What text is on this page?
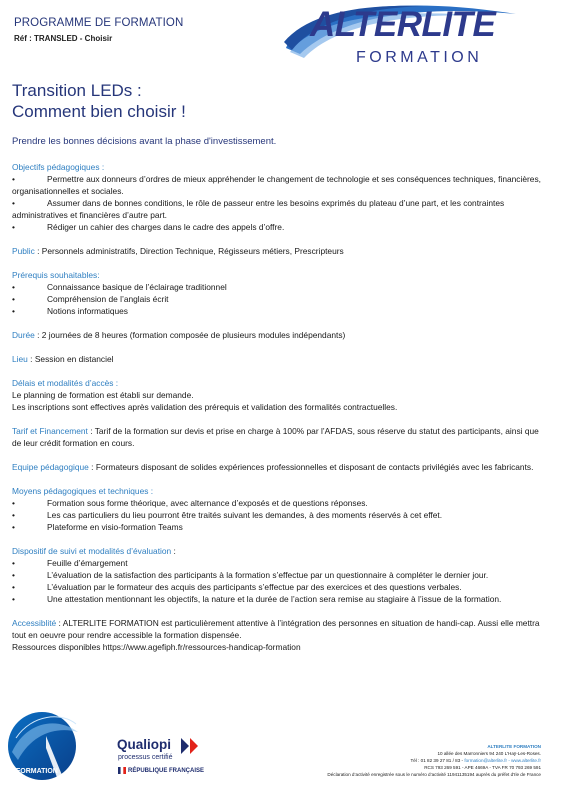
PROGRAMME DE FORMATION
Réf : TRANSLED - Choisir	ALTERLITE
FORMATION
Transition LEDs :
Comment bien choisir !
Prendre les bonnes décisions avant la phase d'investissement.
Objectifs pédagogiques :
•	Permettre aux donneurs d’ordres de mieux appréhender le changement de technologie et ses conséquences techniques, financières, organisationnelles et sociales.
•	Assumer dans de bonnes conditions, le rôle de passeur entre les besoins exprimés du plateau d’une part, et les contraintes administratives et financières d’autre part.
•	Rédiger un cahier des charges dans le cadre des appels d’offre.
Public : Personnels administratifs, Direction Technique, Régisseurs métiers, Prescripteurs
Prérequis souhaitables:
•	Connaissance basique de l’éclairage traditionnel
•	Compréhension de l’anglais écrit
•	Notions informatiques
Durée : 2 journées de 8 heures (formation composée de plusieurs modules indépendants)
Lieu : Session en distanciel
Délais et modalités d’accès :
Le planning de formation est établi sur demande.
Les inscriptions sont effectives après validation des prérequis et validation des formalités contractuelles.
Tarif et Financement : Tarif de la formation sur devis et prise en charge à 100% par l’AFDAS, sous réserve du statut des participants, ainsi que de leur crédit formation en cours.
Equipe pédagogique : Formateurs disposant de solides expériences professionnelles et disposant de contacts privilégiés avec les fabricants.
Moyens pédagogiques et techniques :
•	Formation sous forme théorique, avec alternance d’exposés et de questions réponses.
•	Les cas particuliers du lieu pourront être traités suivant les demandes, à des moments réservés à cet effet.
•	Plateforme en visio-formation Teams
Dispositif de suivi et modalités d’évaluation :
•	Feuille d’émargement
•	L’évaluation de la satisfaction des participants à la formation s’effectue par un questionnaire à compléter le dernier jour.
•	L’évaluation par le formateur des acquis des participants s’effectue par des exercices et des questions verbales.
•	Une attestation mentionnant les objectifs, la nature et la durée de l’action sera remise au stagiaire à l’issue de la formation.
Accessiblité : ALTERLITE FORMATION est particulièrement attentive à l’intégration des personnes en situation de handi-cap. Aussi elle mettra tout en oeuvre pour rendre accessible la formation dispensée.
Ressources disponibles https://www.agefiph.fr/ressources-handicap-formation
FORMATION
Qualiopi
processus certifié
RÉPUBLIQUE FRANÇAISE
ALTERLITE FORMATION
10 allée des Marronniers 94 240 L'Haÿ-Les-Roses.
Tél : 01 82 39 27 81 / 83 - formation@alterlite.fr - www.alterlite.fr
RCS 793 269 591 - APE 4669A - TVA FR 70 793 269 591
Déclaration d’activité enregistrée sous le numéro d’activité 11941135194 auprès du préfet d’Ile de France
